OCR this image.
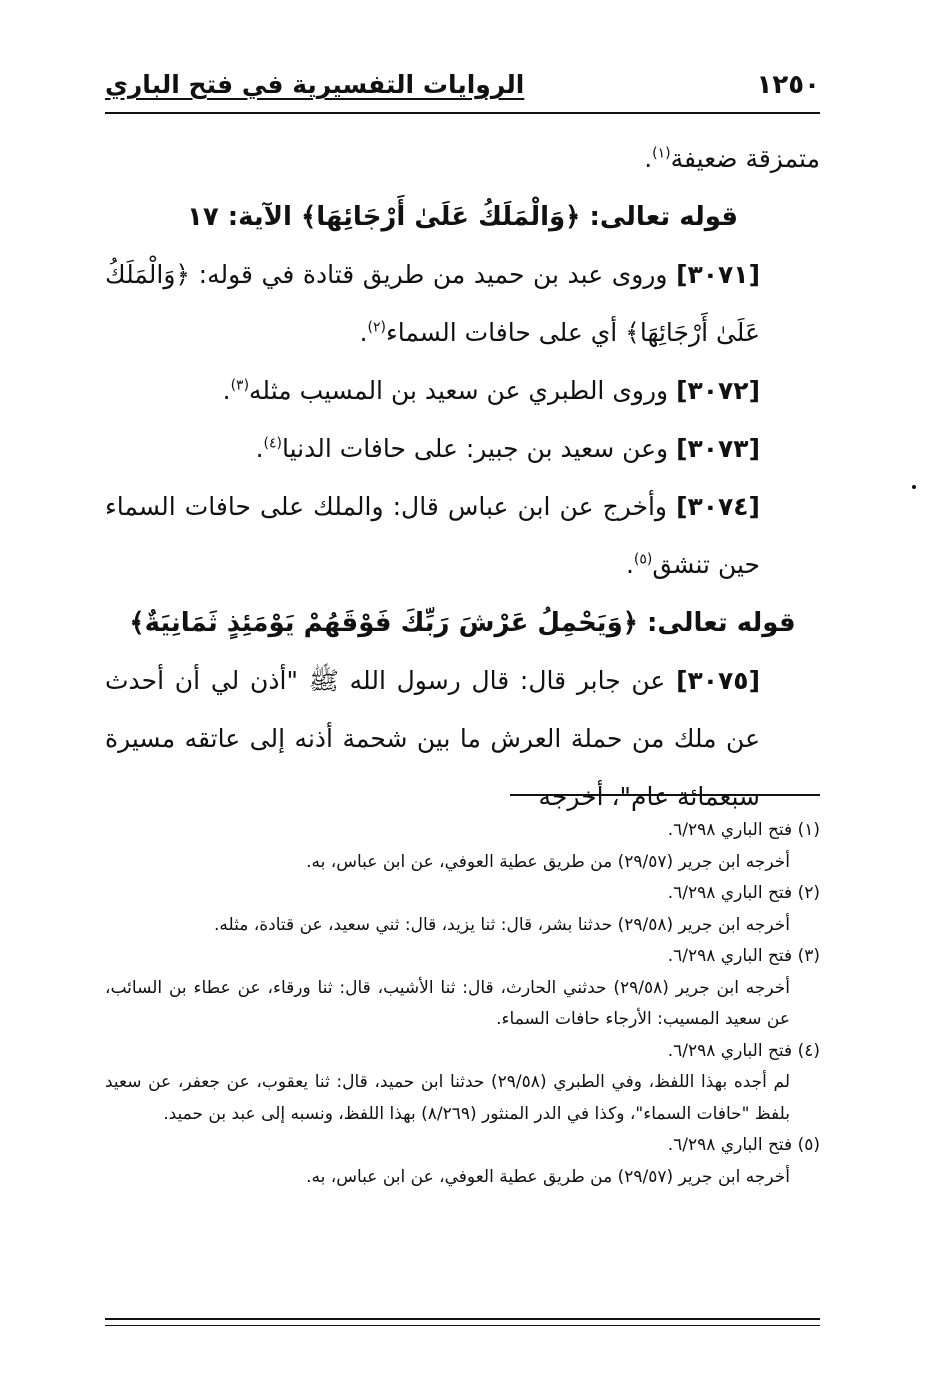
١٢٥٠
الروايات التفسيرية في فتح الباري

متمزقة ضعيفة$^{(١)}$.

قوله تعالى: ﴿وَالْمَلَكُ عَلَىٰ أَرْجَائِهَا﴾ الآية: ١٧

[٣٠٧١] وروى عبد بن حميد من طريق قتادة في قوله: ﴿وَالْمَلَكُ عَلَىٰ أَرْجَائِهَا﴾ أي على حافات السماء$^{(٢)}$.

[٣٠٧٢] وروى الطبري عن سعيد بن المسيب مثله$^{(٣)}$.

[٣٠٧٣] وعن سعيد بن جبير: على حافات الدنيا$^{(٤)}$.

[٣٠٧٤] وأخرج عن ابن عباس قال: والملك على حافات السماء حين تنشق$^{(٥)}$.

قوله تعالى: ﴿وَيَحْمِلُ عَرْشَ رَبِّكَ فَوْقَهُمْ يَوْمَئِذٍ ثَمَانِيَةٌ﴾

[٣٠٧٥] عن جابر قال: قال رسول الله ﷺ "أذن لي أن أحدث عن ملك من حملة العرش ما بين شحمة أذنه إلى عاتقه مسيرة سبعمائة عام"، أخرجه

(١) فتح الباري ٦/٢٩٨.

أخرجه ابن جرير (٢٩/٥٧) من طريق عطية العوفي، عن ابن عباس، به.

(٢) فتح الباري ٦/٢٩٨.

أخرجه ابن جرير (٢٩/٥٨) حدثنا بشر، قال: ثنا يزيد، قال: ثني سعيد، عن قتادة، مثله.

(٣) فتح الباري ٦/٢٩٨.

أخرجه ابن جرير (٢٩/٥٨) حدثني الحارث، قال: ثنا الأشيب، قال: ثنا ورقاء، عن عطاء بن السائب، عن سعيد المسيب: الأرجاء حافات السماء.

(٤) فتح الباري ٦/٢٩٨.

لم أجده بهذا اللفظ، وفي الطبري (٢٩/٥٨) حدثنا ابن حميد، قال: ثنا يعقوب، عن جعفر، عن سعيد بلفظ "حافات السماء"، وكذا في الدر المنثور (٨/٢٦٩) بهذا اللفظ، ونسبه إلى عبد بن حميد.

(٥) فتح الباري ٦/٢٩٨.

أخرجه ابن جرير (٢٩/٥٧) من طريق عطية العوفي، عن ابن عباس، به.
